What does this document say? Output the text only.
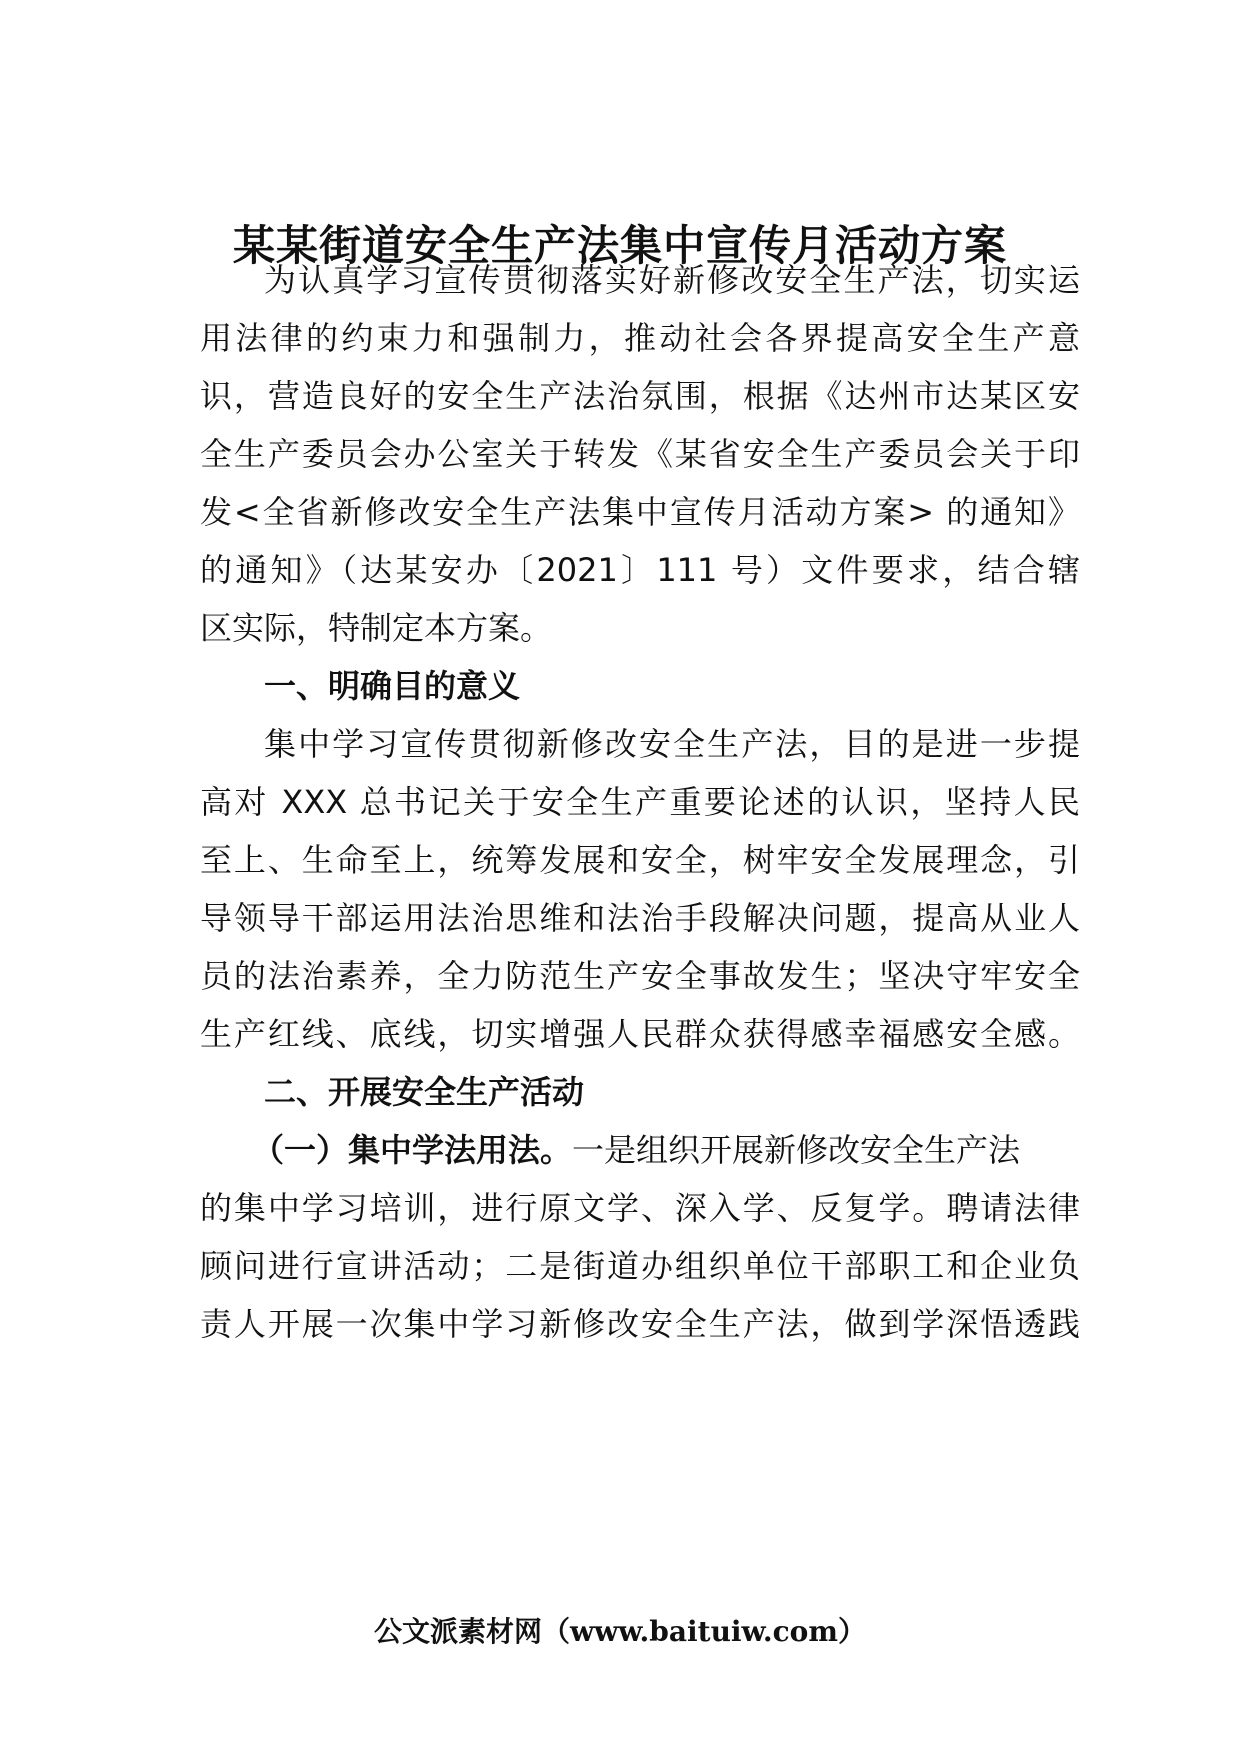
某某街道安全生产法集中宣传月活动方案
为认真学习宣传贯彻落实好新修改安全生产法，切实运
用法律的约束力和强制力，推动社会各界提高安全生产意
识，营造良好的安全生产法治氛围，根据《达州市达某区安
全生产委员会办公室关于转发《某省安全生产委员会关于印
发<全省新修改安全生产法集中宣传月活动方案> 的通知》
的通知》（达某安办〔2021〕111 号）文件要求，结合辖
区实际，特制定本方案。
一、明确目的意义
集中学习宣传贯彻新修改安全生产法，目的是进一步提
高对 XXX 总书记关于安全生产重要论述的认识，坚持人民
至上、生命至上，统筹发展和安全，树牢安全发展理念，引
导领导干部运用法治思维和法治手段解决问题，提高从业人
员的法治素养，全力防范生产安全事故发生；坚决守牢安全
生产红线、底线，切实增强人民群众获得感幸福感安全感。
二、开展安全生产活动
（一）集中学法用法。一是组织开展新修改安全生产法
的集中学习培训，进行原文学、深入学、反复学。聘请法律
顾问进行宣讲活动；二是街道办组织单位干部职工和企业负
责人开展一次集中学习新修改安全生产法，做到学深悟透践
公文派素材网（www.baituiw.com）
